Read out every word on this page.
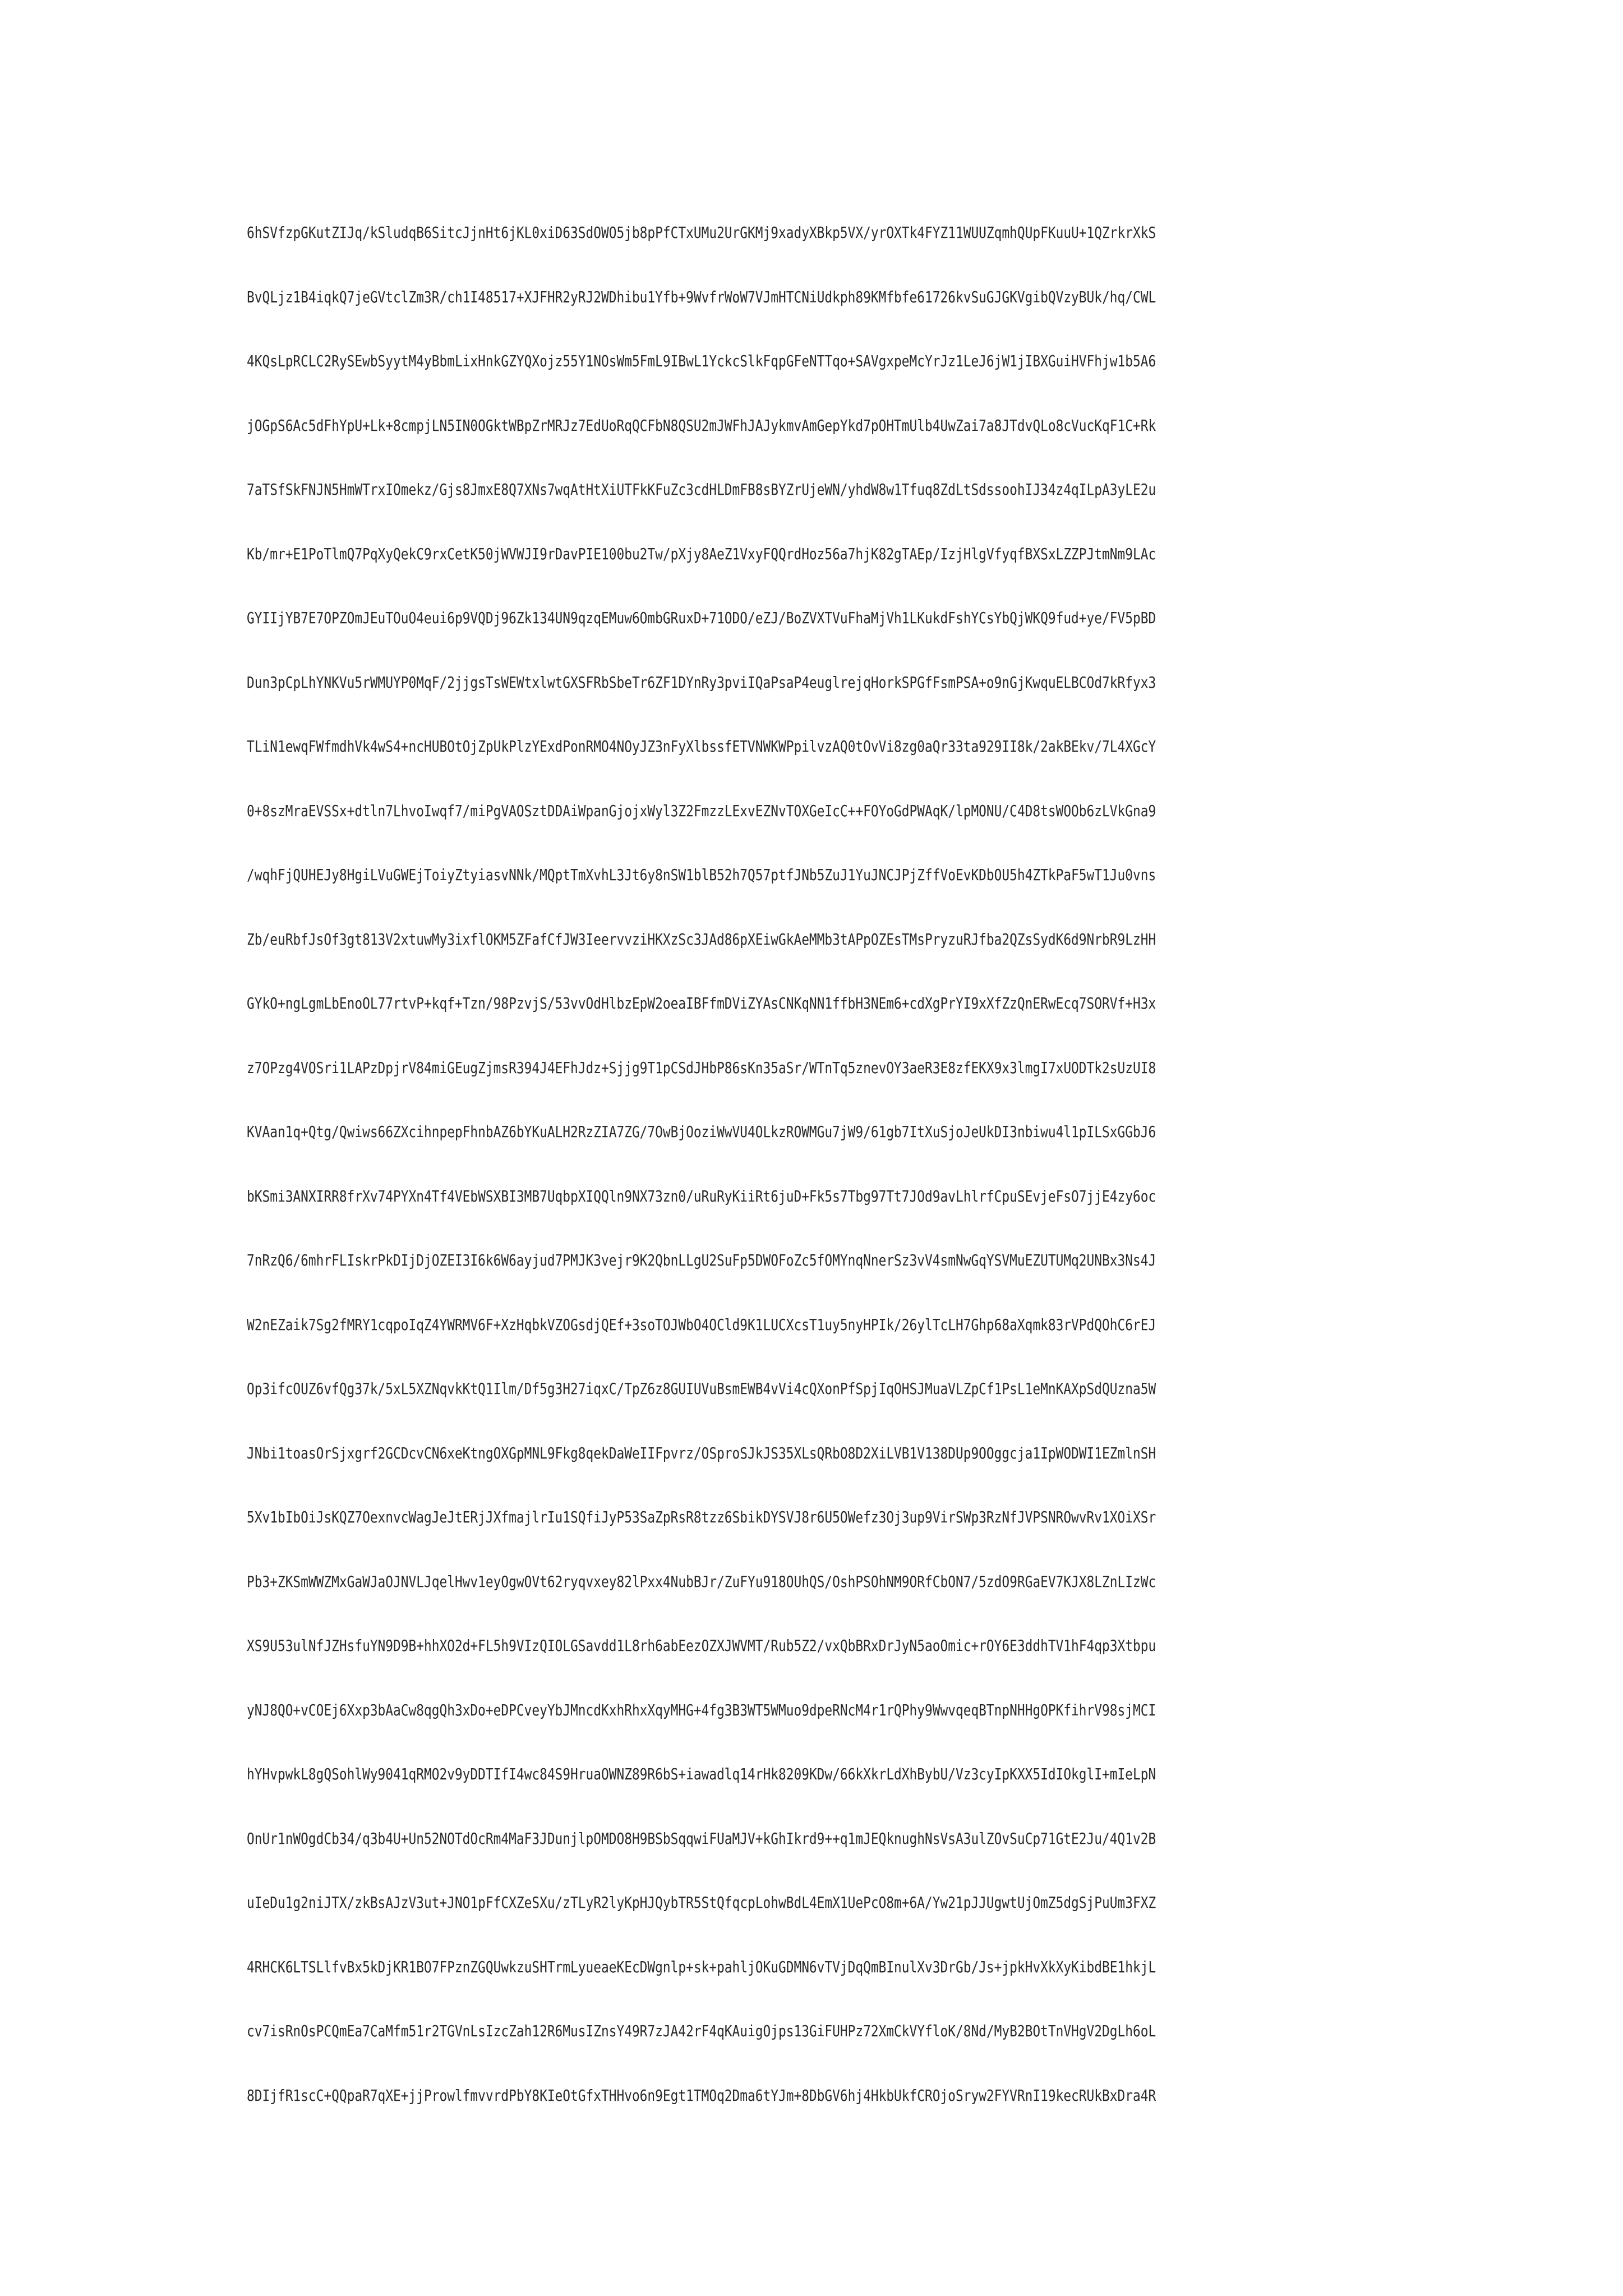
6hSVfzpGKutZIJq/kSludqB6SitcJjnHt6jKL0xiD63SdOWO5jb8pPfCTxUMu2UrGKMj9xadyXBkp5VX/yrOXTk4FYZ11WUUZqmhQUpFKuuU+1QZrkrXkS
BvQLjz1B4iqkQ7jeGVtclZm3R/ch1I48517+XJFHR2yRJ2WDhibu1Yfb+9WvfrWoW7VJmHTCNiUdkph89KMfbfe61726kvSuGJGKVgibQVzyBUk/hq/CWL
4KQsLpRCLC2RySEwbSyytM4yBbmLixHnkGZYQXojz55Y1NOsWm5FmL9IBwL1YckcSlkFqpGFeNTTqo+SAVgxpeMcYrJz1LeJ6jW1jIBXGuiHVFhjw1b5A6
jOGpS6Ac5dFhYpU+Lk+8cmpjLN5IN0OGktWBpZrMRJz7EdUoRqQCFbN8QSU2mJWFhJAJykmvAmGepYkd7pOHTmUlb4UwZai7a8JTdvQLo8cVucKqF1C+Rk
7aTSfSkFNJN5HmWTrxIOmekz/Gjs8JmxE8Q7XNs7wqAtHtXiUTFkKFuZc3cdHLDmFB8sBYZrUjeWN/yhdW8w1Tfuq8ZdLtSdssoohIJ34z4qILpA3yLE2u
Kb/mr+E1PoTlmQ7PqXyQekC9rxCetK50jWVWJI9rDavPIE100bu2Tw/pXjy8AeZ1VxyFQQrdHoz56a7hjK82gTAEp/IzjHlgVfyqfBXSxLZZPJtmNm9LAc
GYIIjYB7E7OPZOmJEuTOuO4eui6p9VQDj96Zk134UN9qzqEMuw6OmbGRuxD+71ODO/eZJ/BoZVXTVuFhaMjVh1LKukdFshYCsYbQjWKQ9fud+ye/FV5pBD
Dun3pCpLhYNKVu5rWMUYP0MqF/2jjgsTsWEWtxlwtGXSFRbSbeTr6ZF1DYnRy3pviIQaPsaP4euglrejqHorkSPGfFsmPSA+o9nGjKwquELBCOd7kRfyx3
TLiN1ewqFWfmdhVk4wS4+ncHUBOtOjZpUkPlzYExdPonRMO4NOyJZ3nFyXlbssfETVNWKWPpilvzAQ0tOvVi8zg0aQr33ta929II8k/2akBEkv/7L4XGcY
0+8szMraEVSSx+dtln7LhvoIwqf7/miPgVAOSztDDAiWpanGjojxWyl3Z2FmzzLExvEZNvTOXGeIcC++FOYoGdPWAqK/lpMONU/C4D8tsWOOb6zLVkGna9
/wqhFjQUHEJy8HgiLVuGWEjToiyZtyiasvNNk/MQptTmXvhL3Jt6y8nSW1blB52h7Q57ptfJNb5ZuJ1YuJNCJPjZffVoEvKDbOU5h4ZTkPaF5wT1Ju0vns
Zb/euRbfJsOf3gt813V2xtuwMy3ixflOKM5ZFafCfJW3IeervvziHKXzSc3JAd86pXEiwGkAeMMb3tAPpOZEsTMsPryzuRJfba2QZsSydK6d9NrbR9LzHH
GYkO+ngLgmLbEnoOL77rtvP+kqf+Tzn/98PzvjS/53vvOdHlbzEpW2oeaIBFfmDViZYAsCNKqNN1ffbH3NEm6+cdXgPrYI9xXfZzQnERwEcq7SORVf+H3x
z7OPzg4VOSri1LAPzDpjrV84miGEugZjmsR394J4EFhJdz+Sjjg9T1pCSdJHbP86sKn35aSr/WTnTq5znevOY3aeR3E8zfEKX9x3lmgI7xUODTk2sUzUI8
KVAan1q+Qtg/Qwiws66ZXcihnpepFhnbAZ6bYKuALH2RzZIA7ZG/7OwBjOoziWwVU4OLkzROWMGu7jW9/61gb7ItXuSjoJeUkDI3nbiwu4l1pILSxGGbJ6
bKSmi3ANXIRR8frXv74PYXn4Tf4VEbWSXBI3MB7UqbpXIQQln9NX73zn0/uRuRyKiiRt6juD+Fk5s7Tbg97Tt7JOd9avLhlrfCpuSEvjeFsO7jjE4zy6oc
7nRzQ6/6mhrFLIskrPkDIjDjOZEI3I6k6W6ayjud7PMJK3vejr9K2QbnLLgU2SuFp5DWOFoZc5fOMYnqNnerSz3vV4smNwGqYSVMuEZUTUMq2UNBx3Ns4J
W2nEZaik7Sg2fMRY1cqpoIqZ4YWRMV6F+XzHqbkVZOGsdjQEf+3soTOJWbO4OCld9K1LUCXcsT1uy5nyHPIk/26ylTcLH7Ghp68aXqmk83rVPdQOhC6rEJ
Op3ifcOUZ6vfQg37k/5xL5XZNqvkKtQ1Ilm/Df5g3H27iqxC/TpZ6z8GUIUVuBsmEWB4vVi4cQXonPfSpjIqOHSJMuaVLZpCf1PsL1eMnKAXpSdQUzna5W
JNbi1toasOrSjxgrf2GCDcvCN6xeKtngOXGpMNL9Fkg8qekDaWeIIFpvrz/OSproSJkJS35XLsQRbO8D2XiLVB1V138DUp9OOggcja1IpWODWI1EZmlnSH
5Xv1bIbOiJsKQZ7OexnvcWagJeJtERjJXfmajlrIu1SQfiJyP53SaZpRsR8tzz6SbikDYSVJ8r6U5OWefz3Oj3up9VirSWp3RzNfJVPSNROwvRv1XOiXSr
Pb3+ZKSmWWZMxGaWJaOJNVLJqelHwv1eyOgwOVt62ryqvxey82lPxx4NubBJr/ZuFYu918OUhQS/OshPSOhNM9ORfCbON7/5zdO9RGaEV7KJX8LZnLIzWc
XS9U53ulNfJZHsfuYN9D9B+hhXO2d+FL5h9VIzQIOLGSavdd1L8rh6abEezOZXJWVMT/Rub5Z2/vxQbBRxDrJyN5aoOmic+rOY6E3ddhTV1hF4qp3Xtbpu
yNJ8QO+vCOEj6Xxp3bAaCw8qgQh3xDo+eDPCveyYbJMncdKxhRhxXqyMHG+4fg3B3WT5WMuo9dpeRNcM4r1rQPhy9WwvqeqBTnpNHHgOPKfihrV98sjMCI
hYHvpwkL8gQSohlWy9041qRMO2v9yDDTIfI4wc84S9HruaOWNZ89R6bS+iawadlq14rHk8209KDw/66kXkrLdXhBybU/Vz3cyIpKXX5IdIOkglI+mIeLpN
OnUr1nWOgdCb34/q3b4U+Un52NOTdOcRm4MaF3JDunjlpOMDO8H9BSbSqqwiFUaMJV+kGhIkrd9++q1mJEQknughNsVsA3ulZOvSuCp71GtE2Ju/4Q1v2B
uIeDu1g2niJTX/zkBsAJzV3ut+JNO1pFfCXZeSXu/zTLyR2lyKpHJQybTR5StQfqcpLohwBdL4EmX1UePcO8m+6A/Yw21pJJUgwtUjOmZ5dgSjPuUm3FXZ
4RHCK6LTSLlfvBx5kDjKR1BO7FPznZGQUwkzuSHTrmLyueaeKEcDWgnlp+sk+pahljOKuGDMN6vTVjDqQmBInulXv3DrGb/Js+jpkHvXkXyKibdBE1hkjL
cv7isRnOsPCQmEa7CaMfm51r2TGVnLsIzcZah12R6MusIZnsY49R7zJA42rF4qKAuigOjps13GiFUHPz72XmCkVYfloK/8Nd/MyB2BOtTnVHgV2DgLh6oL
8DIjfR1scC+QQpaR7qXE+jjProwlfmvvrdPbY8KIeOtGfxTHHvo6n9Egt1TMOq2Dma6tYJm+8DbGV6hj4HkbUkfCROjoSryw2FYVRnI19kecRUkBxDra4R
